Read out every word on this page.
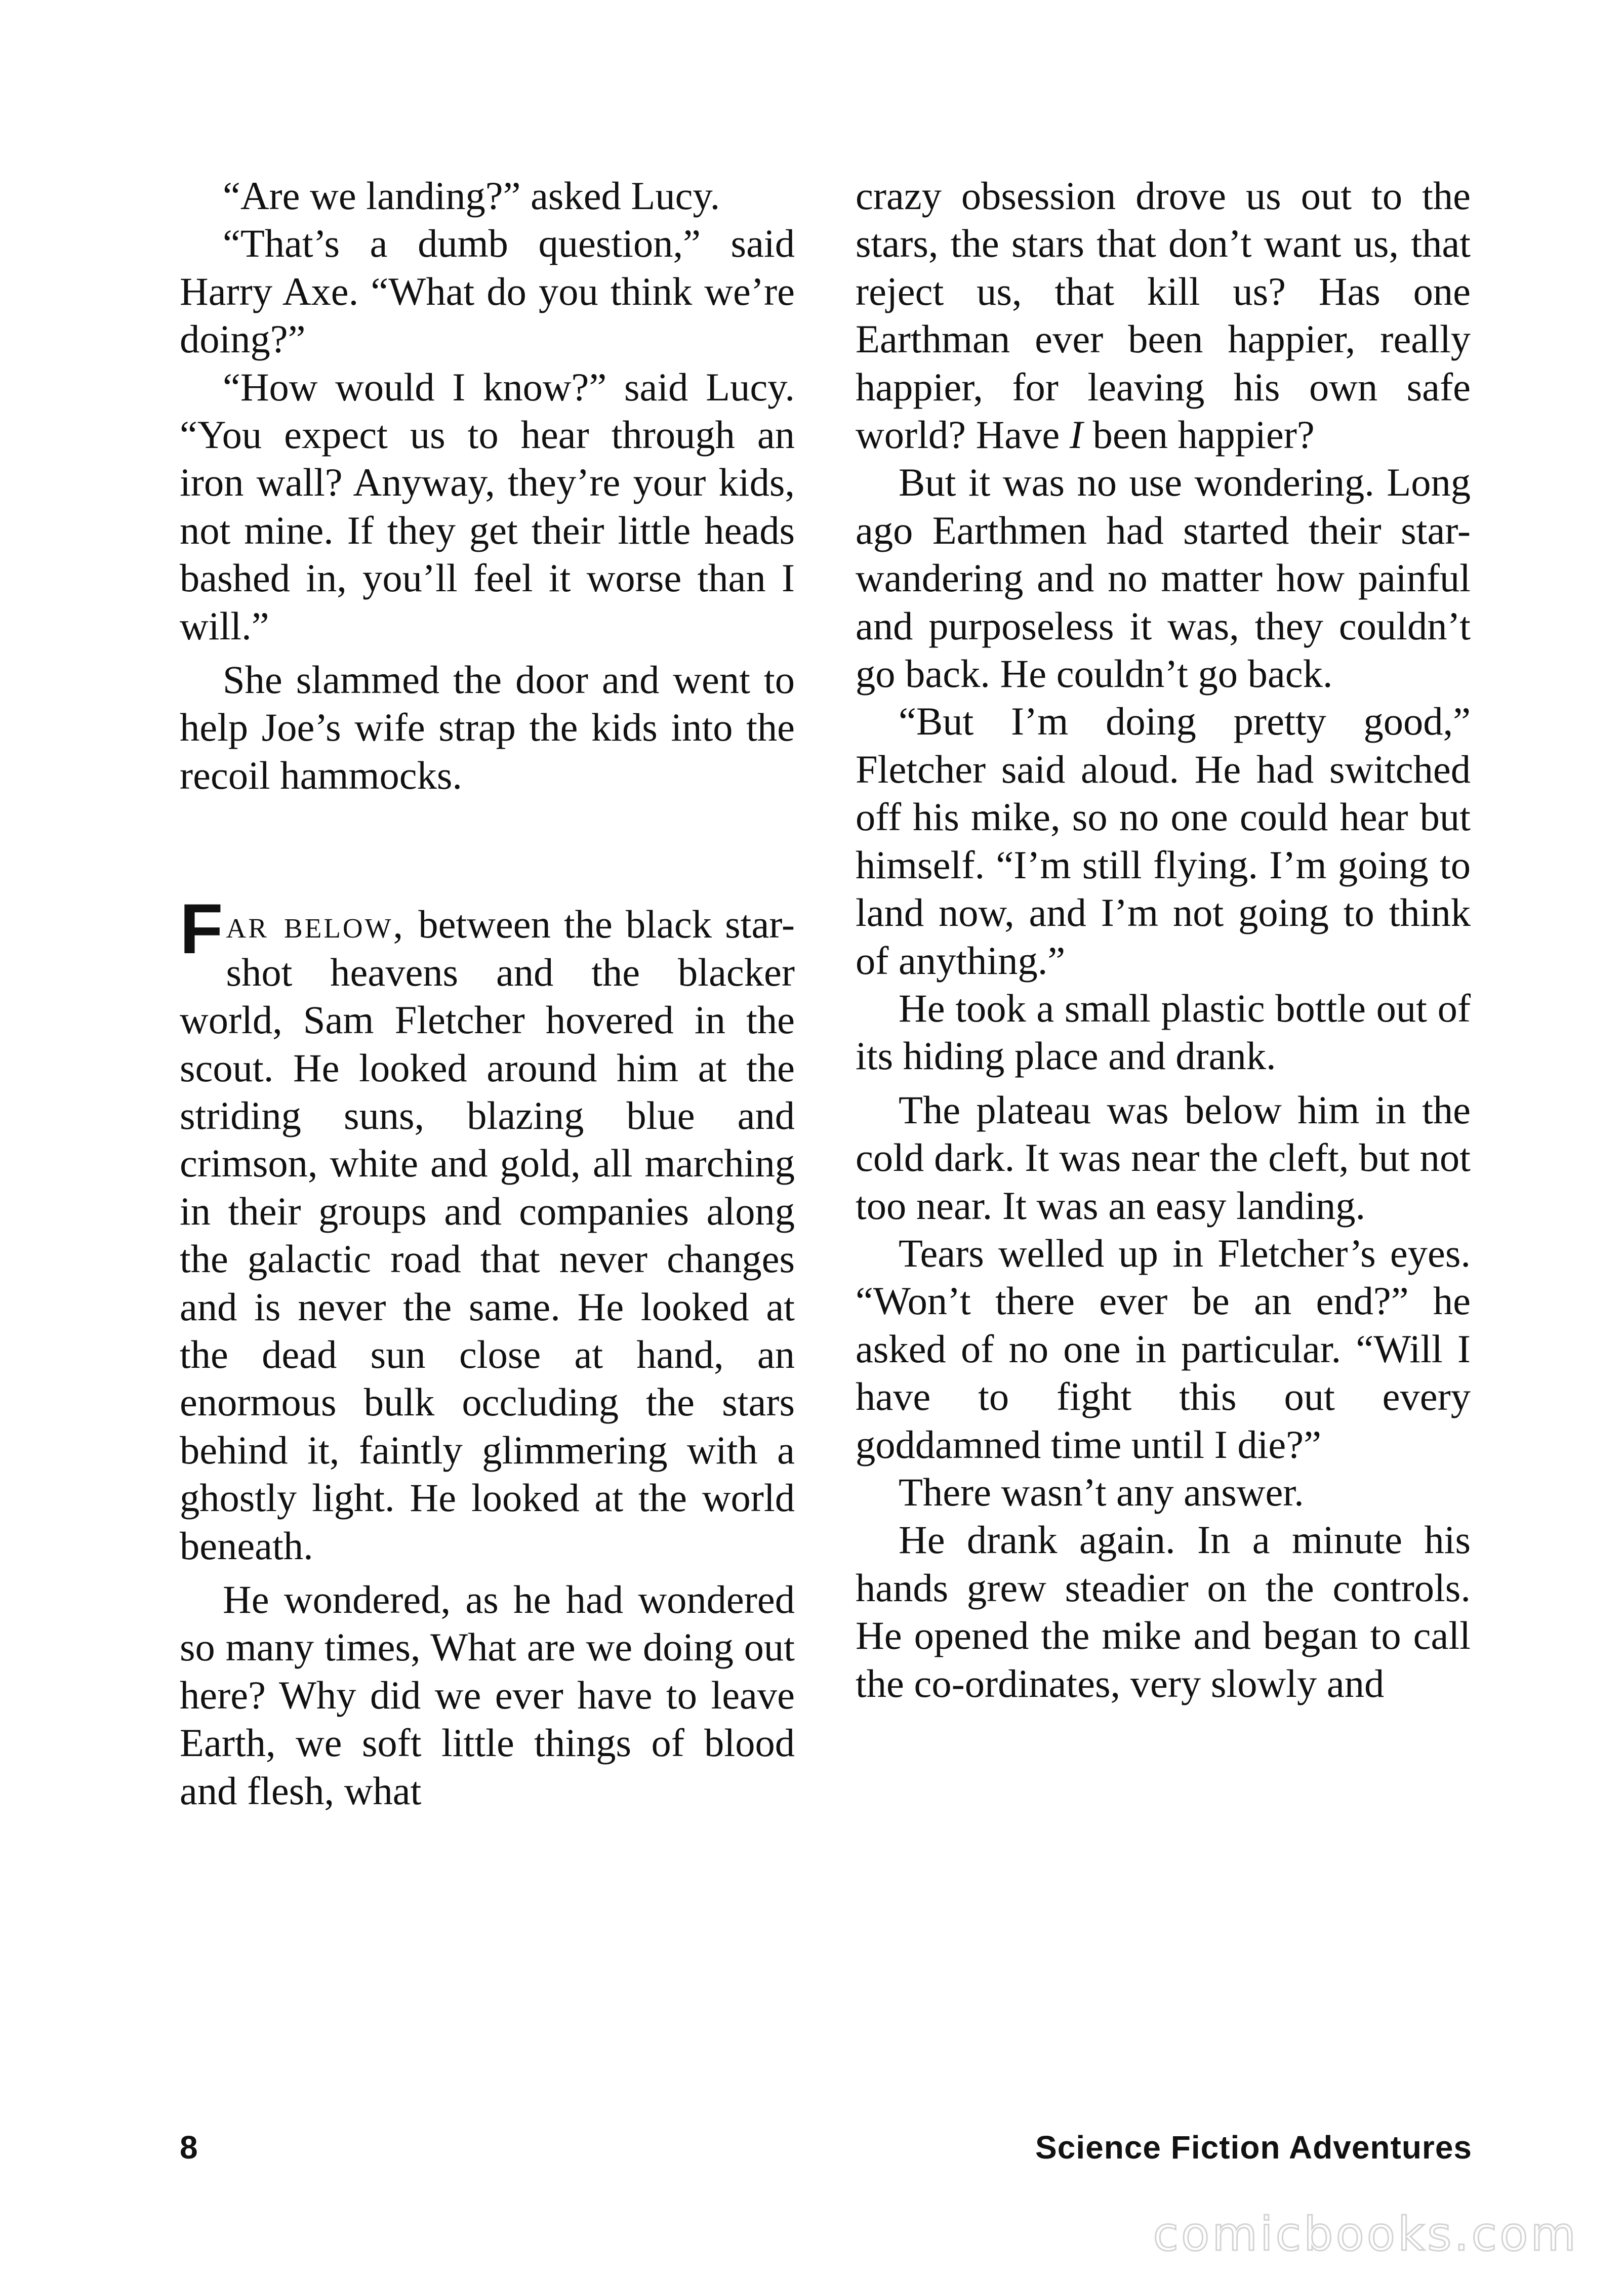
“Are we landing?” asked Lucy.

“That’s a dumb question,” said Harry Axe. “What do you think we’re doing?”

“How would I know?” said Lucy. “You expect us to hear through an iron wall? Anyway, they’re your kids, not mine. If they get their little heads bashed in, you’ll feel it worse than I will.”

She slammed the door and went to help Joe’s wife strap the kids into the recoil hammocks.

Far below, between the black star-shot heavens and the blacker world, Sam Fletcher hovered in the scout. He looked around him at the striding suns, blazing blue and crimson, white and gold, all marching in their groups and companies along the galactic road that never changes and is never the same. He looked at the dead sun close at hand, an enormous bulk occluding the stars behind it, faintly glimmering with a ghostly light. He looked at the world beneath.

He wondered, as he had wondered so many times, What are we doing out here? Why did we ever have to leave Earth, we soft little things of blood and flesh, what

crazy obsession drove us out to the stars, the stars that don’t want us, that reject us, that kill us? Has one Earthman ever been happier, really happier, for leaving his own safe world? Have I been happier?

But it was no use wondering. Long ago Earthmen had started their star-wandering and no matter how painful and purposeless it was, they couldn’t go back. He couldn’t go back.

“But I’m doing pretty good,” Fletcher said aloud. He had switched off his mike, so no one could hear but himself. “I’m still flying. I’m going to land now, and I’m not going to think of anything.”

He took a small plastic bottle out of its hiding place and drank.

The plateau was below him in the cold dark. It was near the cleft, but not too near. It was an easy landing.

Tears welled up in Fletcher’s eyes. “Won’t there ever be an end?” he asked of no one in particular. “Will I have to fight this out every goddamned time until I die?”

There wasn’t any answer.

He drank again. In a minute his hands grew steadier on the controls. He opened the mike and began to call the co-ordinates, very slowly and

8	Science Fiction Adventures
comicbooks.com
